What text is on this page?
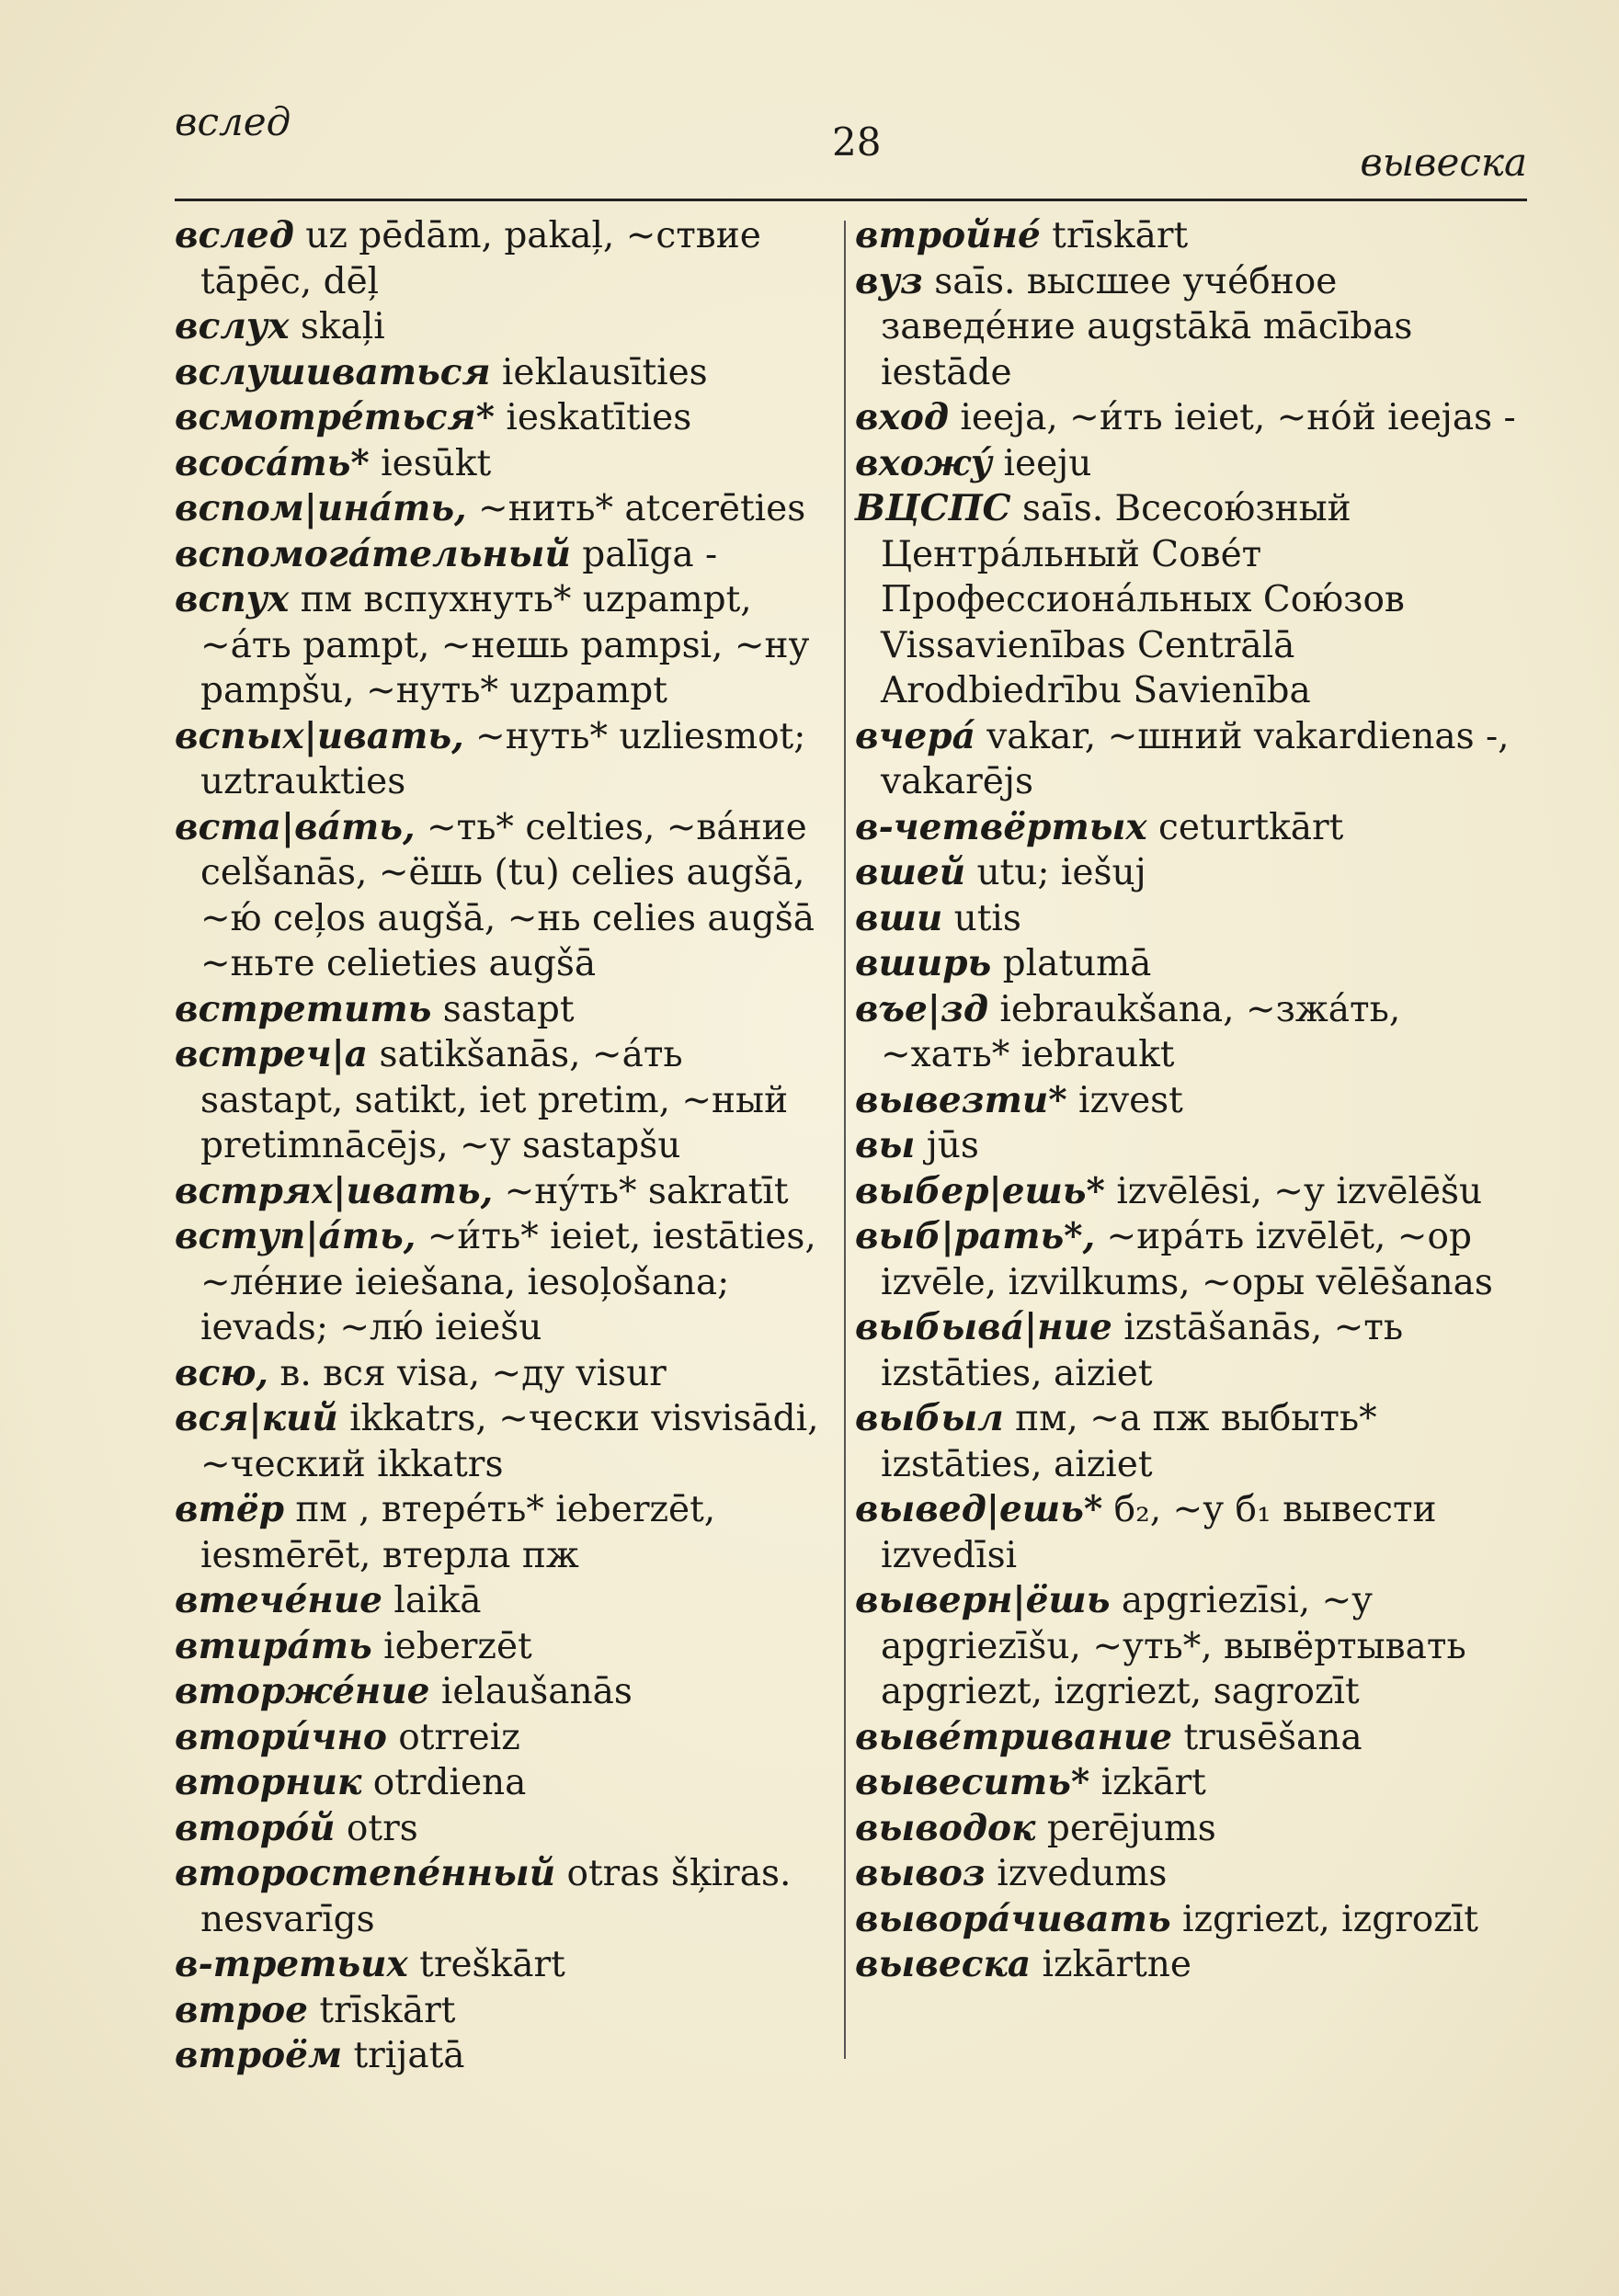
вслед	28	вывеска

вслед uz pēdām, pakaļ, ~ствие tāpēc, dēļ

вслух skaļi

вслушиваться ieklausīties

всмотре́ться* ieskatīties

всоса́ть* iesūkt

вспом|ина́ть, ~нить* atcerēties

вспомога́тельный palīga -

вспух пм вспухнуть* uzpampt, ~а́ть pampt, ~нешь pampsi, ~ну pampšu, ~нуть* uzpampt

вспых|ивать, ~нуть* uzliesmot; uztraukties

вста|ва́ть, ~ть* celties, ~ва́ние celšanās, ~ёшь (tu) celies augšā, ~ю́ ceļos augšā, ~нь celies augšā ~ньте celieties augšā

встретить sastapt

встреч|а satikšanās, ~а́ть sastapt, satikt, iet pretim, ~ный pretimnācējs, ~у sastapšu

встрях|ивать, ~ну́ть* sakratīt

вступ|а́ть, ~и́ть* ieiet, iestāties, ~ле́ние ieiešana, iesoļošana; ievads; ~лю́ ieiešu

всю, в. вся visa, ~ду visur

вся|кий ikkatrs, ~чески visvisādi, ~ческий ikkatrs

втёр пм , втере́ть* ieberzēt, iesmērēt, втерла пж

втече́ние laikā

втира́ть ieberzēt

вторже́ние ielaušanās

втори́чно otrreiz

вторник otrdiena

второ́й otrs

второстепе́нный otras šķiras. nesvarīgs

в-третьих treškārt

втрое trīskārt

втроём trijatā

втройне́ trīskārt

вуз saīs. высшее уче́бное заведе́ние augstākā mācības iestāde

вход ieeja, ~и́ть ieiet, ~но́й ieejas -

вхожу́ ieeju

ВЦСПС saīs. Всесою́зный Центра́льный Сове́т Профессиона́льных Сою́зов Vissavienības Centrālā Arodbiedrību Savienība

вчера́ vakar, ~шний vakardienas -, vakarējs

в-четвёртых ceturtkārt

вшей utu; iešuj

вши utis

вширь platumā

въе|зд iebraukšana, ~зжа́ть, ~хать* iebraukt

вывезти* izvest

вы jūs

выбер|ешь* izvēlēsi, ~у izvēlēšu

выб|рать*, ~ира́ть izvēlēt, ~ор izvēle, izvilkums, ~оры vēlēšanas

выбыва́|ние izstāšanās, ~ть izstāties, aiziet

выбыл пм, ~а пж выбыть* izstāties, aiziet

вывед|ешь* б₂, ~у б₁ вывести izvedīsi

выверн|ёшь apgriezīsi, ~у apgriezīšu, ~уть*, вывёртывать apgriezt, izgriezt, sagrozīt

выве́тривание trusēšana

вывесить* izkārt

выводок perējums

вывоз izvedums

вывора́чивать izgriezt, izgrozīt

вывеска izkārtne
